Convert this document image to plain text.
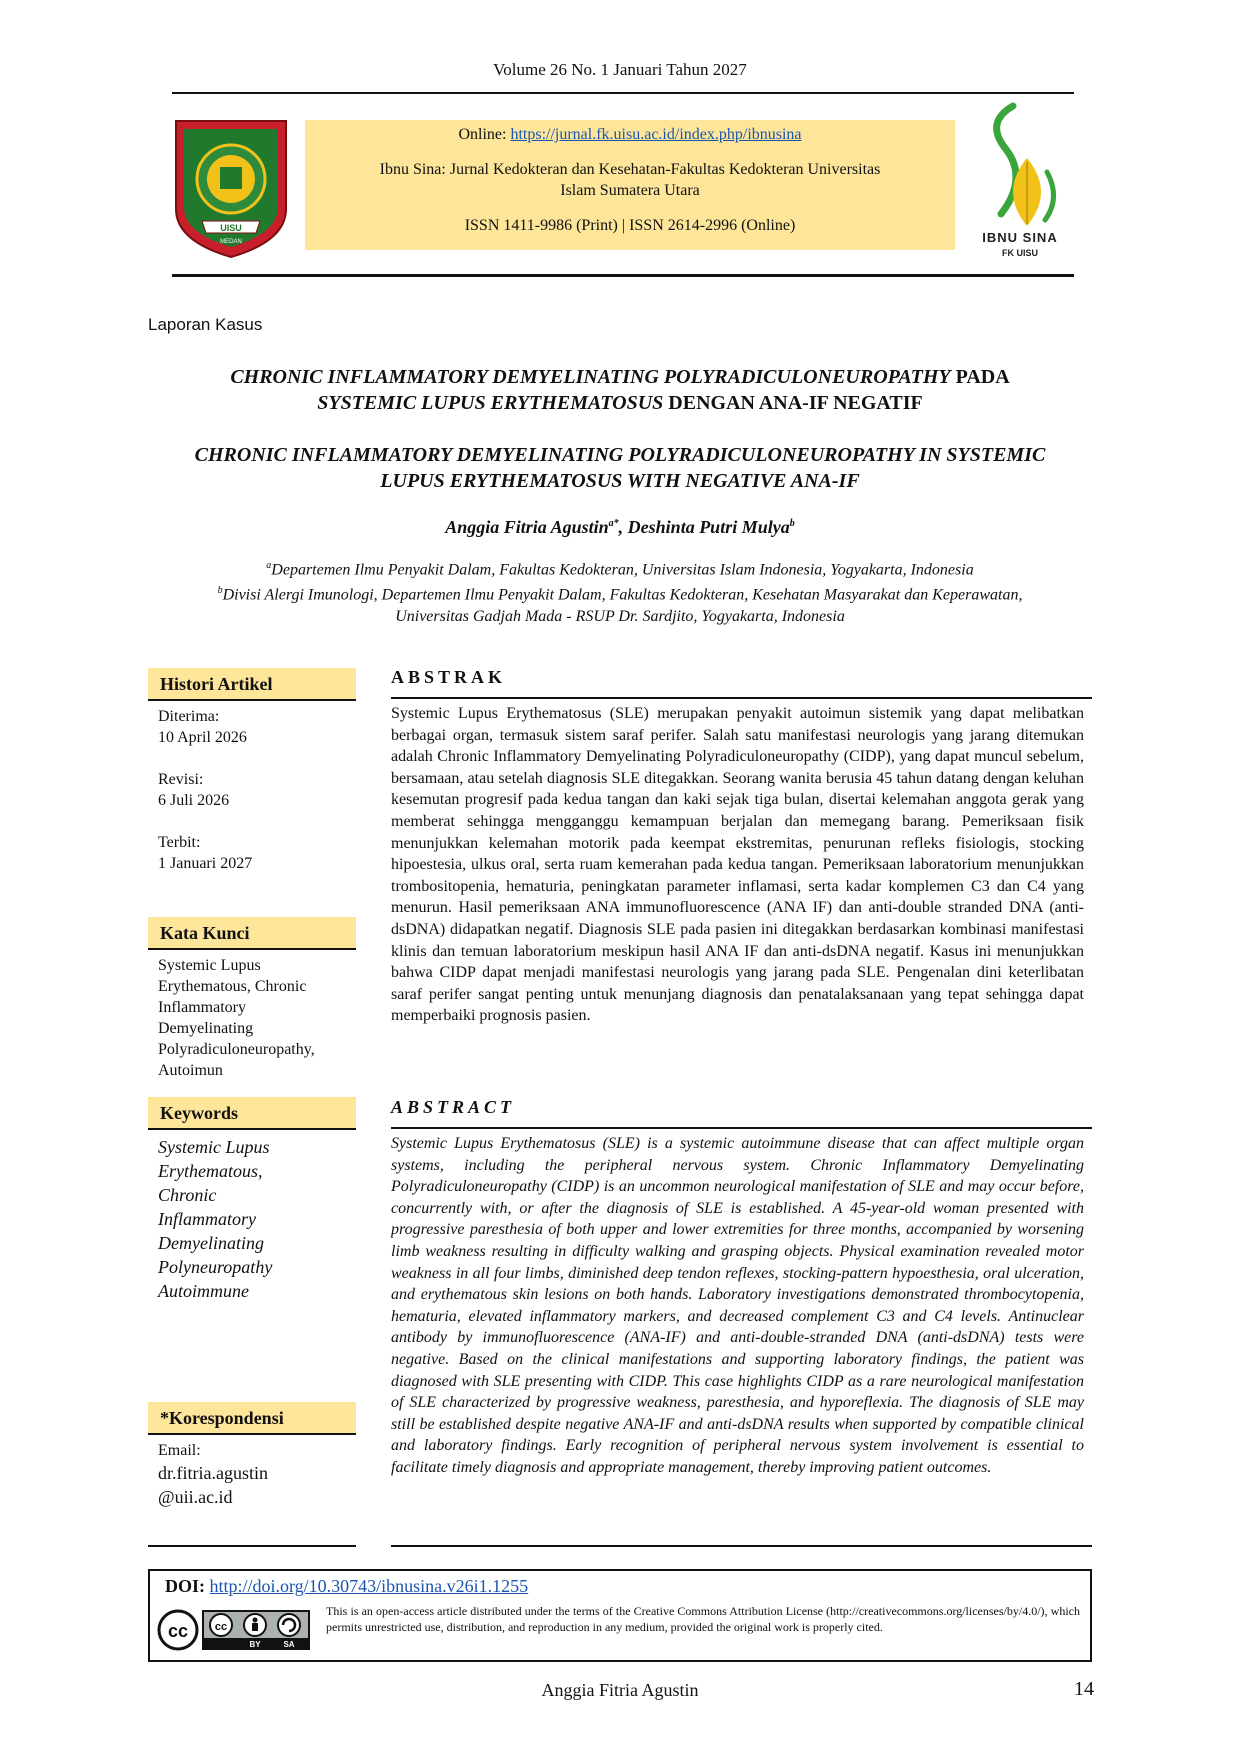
Volume 26 No. 1 Januari Tahun 2027
UISU
MEDAN
Online: https://jurnal.fk.uisu.ac.id/index.php/ibnusina
Ibnu Sina: Jurnal Kedokteran dan Kesehatan-Fakultas Kedokteran Universitas
Islam Sumatera Utara
ISSN 1411-9986 (Print) | ISSN 2614-2996 (Online)
IBNU SINA
FK UISU
Laporan Kasus
CHRONIC INFLAMMATORY DEMYELINATING POLYRADICULONEUROPATHY PADA
SYSTEMIC LUPUS ERYTHEMATOSUS DENGAN ANA-IF NEGATIF
CHRONIC INFLAMMATORY DEMYELINATING POLYRADICULONEUROPATHY IN SYSTEMIC
LUPUS ERYTHEMATOSUS WITH NEGATIVE ANA-IF
Anggia Fitria Agustin$^{a*}$, Deshinta Putri Mulya$^b$
$^a$Departemen Ilmu Penyakit Dalam, Fakultas Kedokteran, Universitas Islam Indonesia, Yogyakarta, Indonesia
$^b$Divisi Alergi Imunologi, Departemen Ilmu Penyakit Dalam, Fakultas Kedokteran, Kesehatan Masyarakat dan Keperawatan,
Universitas Gadjah Mada - RSUP Dr. Sardjito, Yogyakarta, Indonesia
Histori Artikel
Diterima:
10 April 2026
Revisi:
6 Juli 2026
Terbit:
1 Januari 2027
Kata Kunci
Systemic Lupus
Erythematous, Chronic
Inflammatory
Demyelinating
Polyradiculoneuropathy,
Autoimun
Keywords
Systemic Lupus
Erythematous,
Chronic
Inflammatory
Demyelinating
Polyneuropathy
Autoimmune
*Korespondensi
Email:
dr.fitria.agustin
@uii.ac.id
ABSTRAK
Systemic Lupus Erythematosus (SLE) merupakan penyakit autoimun sistemik yang dapat melibatkan berbagai organ, termasuk sistem saraf perifer. Salah satu manifestasi neurologis yang jarang ditemukan adalah Chronic Inflammatory Demyelinating Polyradiculoneuropathy (CIDP), yang dapat muncul sebelum, bersamaan, atau setelah diagnosis SLE ditegakkan. Seorang wanita berusia 45 tahun datang dengan keluhan kesemutan progresif pada kedua tangan dan kaki sejak tiga bulan, disertai kelemahan anggota gerak yang memberat sehingga mengganggu kemampuan berjalan dan memegang barang. Pemeriksaan fisik menunjukkan kelemahan motorik pada keempat ekstremitas, penurunan refleks fisiologis, stocking hipoestesia, ulkus oral, serta ruam kemerahan pada kedua tangan. Pemeriksaan laboratorium menunjukkan trombositopenia, hematuria, peningkatan parameter inflamasi, serta kadar komplemen C3 dan C4 yang menurun. Hasil pemeriksaan ANA immunofluorescence (ANA IF) dan anti-double stranded DNA (anti-dsDNA) didapatkan negatif. Diagnosis SLE pada pasien ini ditegakkan berdasarkan kombinasi manifestasi klinis dan temuan laboratorium meskipun hasil ANA IF dan anti-dsDNA negatif. Kasus ini menunjukkan bahwa CIDP dapat menjadi manifestasi neurologis yang jarang pada SLE. Pengenalan dini keterlibatan saraf perifer sangat penting untuk menunjang diagnosis dan penatalaksanaan yang tepat sehingga dapat memperbaiki prognosis pasien.
ABSTRACT
Systemic Lupus Erythematosus (SLE) is a systemic autoimmune disease that can affect multiple organ systems, including the peripheral nervous system. Chronic Inflammatory Demyelinating Polyradiculoneuropathy (CIDP) is an uncommon neurological manifestation of SLE and may occur before, concurrently with, or after the diagnosis of SLE is established. A 45-year-old woman presented with progressive paresthesia of both upper and lower extremities for three months, accompanied by worsening limb weakness resulting in difficulty walking and grasping objects. Physical examination revealed motor weakness in all four limbs, diminished deep tendon reflexes, stocking-pattern hypoesthesia, oral ulceration, and erythematous skin lesions on both hands. Laboratory investigations demonstrated thrombocytopenia, hematuria, elevated inflammatory markers, and decreased complement C3 and C4 levels. Antinuclear antibody by immunofluorescence (ANA-IF) and anti-double-stranded DNA (anti-dsDNA) tests were negative. Based on the clinical manifestations and supporting laboratory findings, the patient was diagnosed with SLE presenting with CIDP. This case highlights CIDP as a rare neurological manifestation of SLE characterized by progressive weakness, paresthesia, and hyporeflexia. The diagnosis of SLE may still be established despite negative ANA-IF and anti-dsDNA results when supported by compatible clinical and laboratory findings. Early recognition of peripheral nervous system involvement is essential to facilitate timely diagnosis and appropriate management, thereby improving patient outcomes.
DOI: http://doi.org/10.30743/ibnusina.v26i1.1255
cc cc
BY	SA
This is an open-access article distributed under the terms of the Creative Commons Attribution License (http://creativecommons.org/licenses/by/4.0/), which permits unrestricted use, distribution, and reproduction in any medium, provided the original work is properly cited.
Anggia Fitria Agustin	14
